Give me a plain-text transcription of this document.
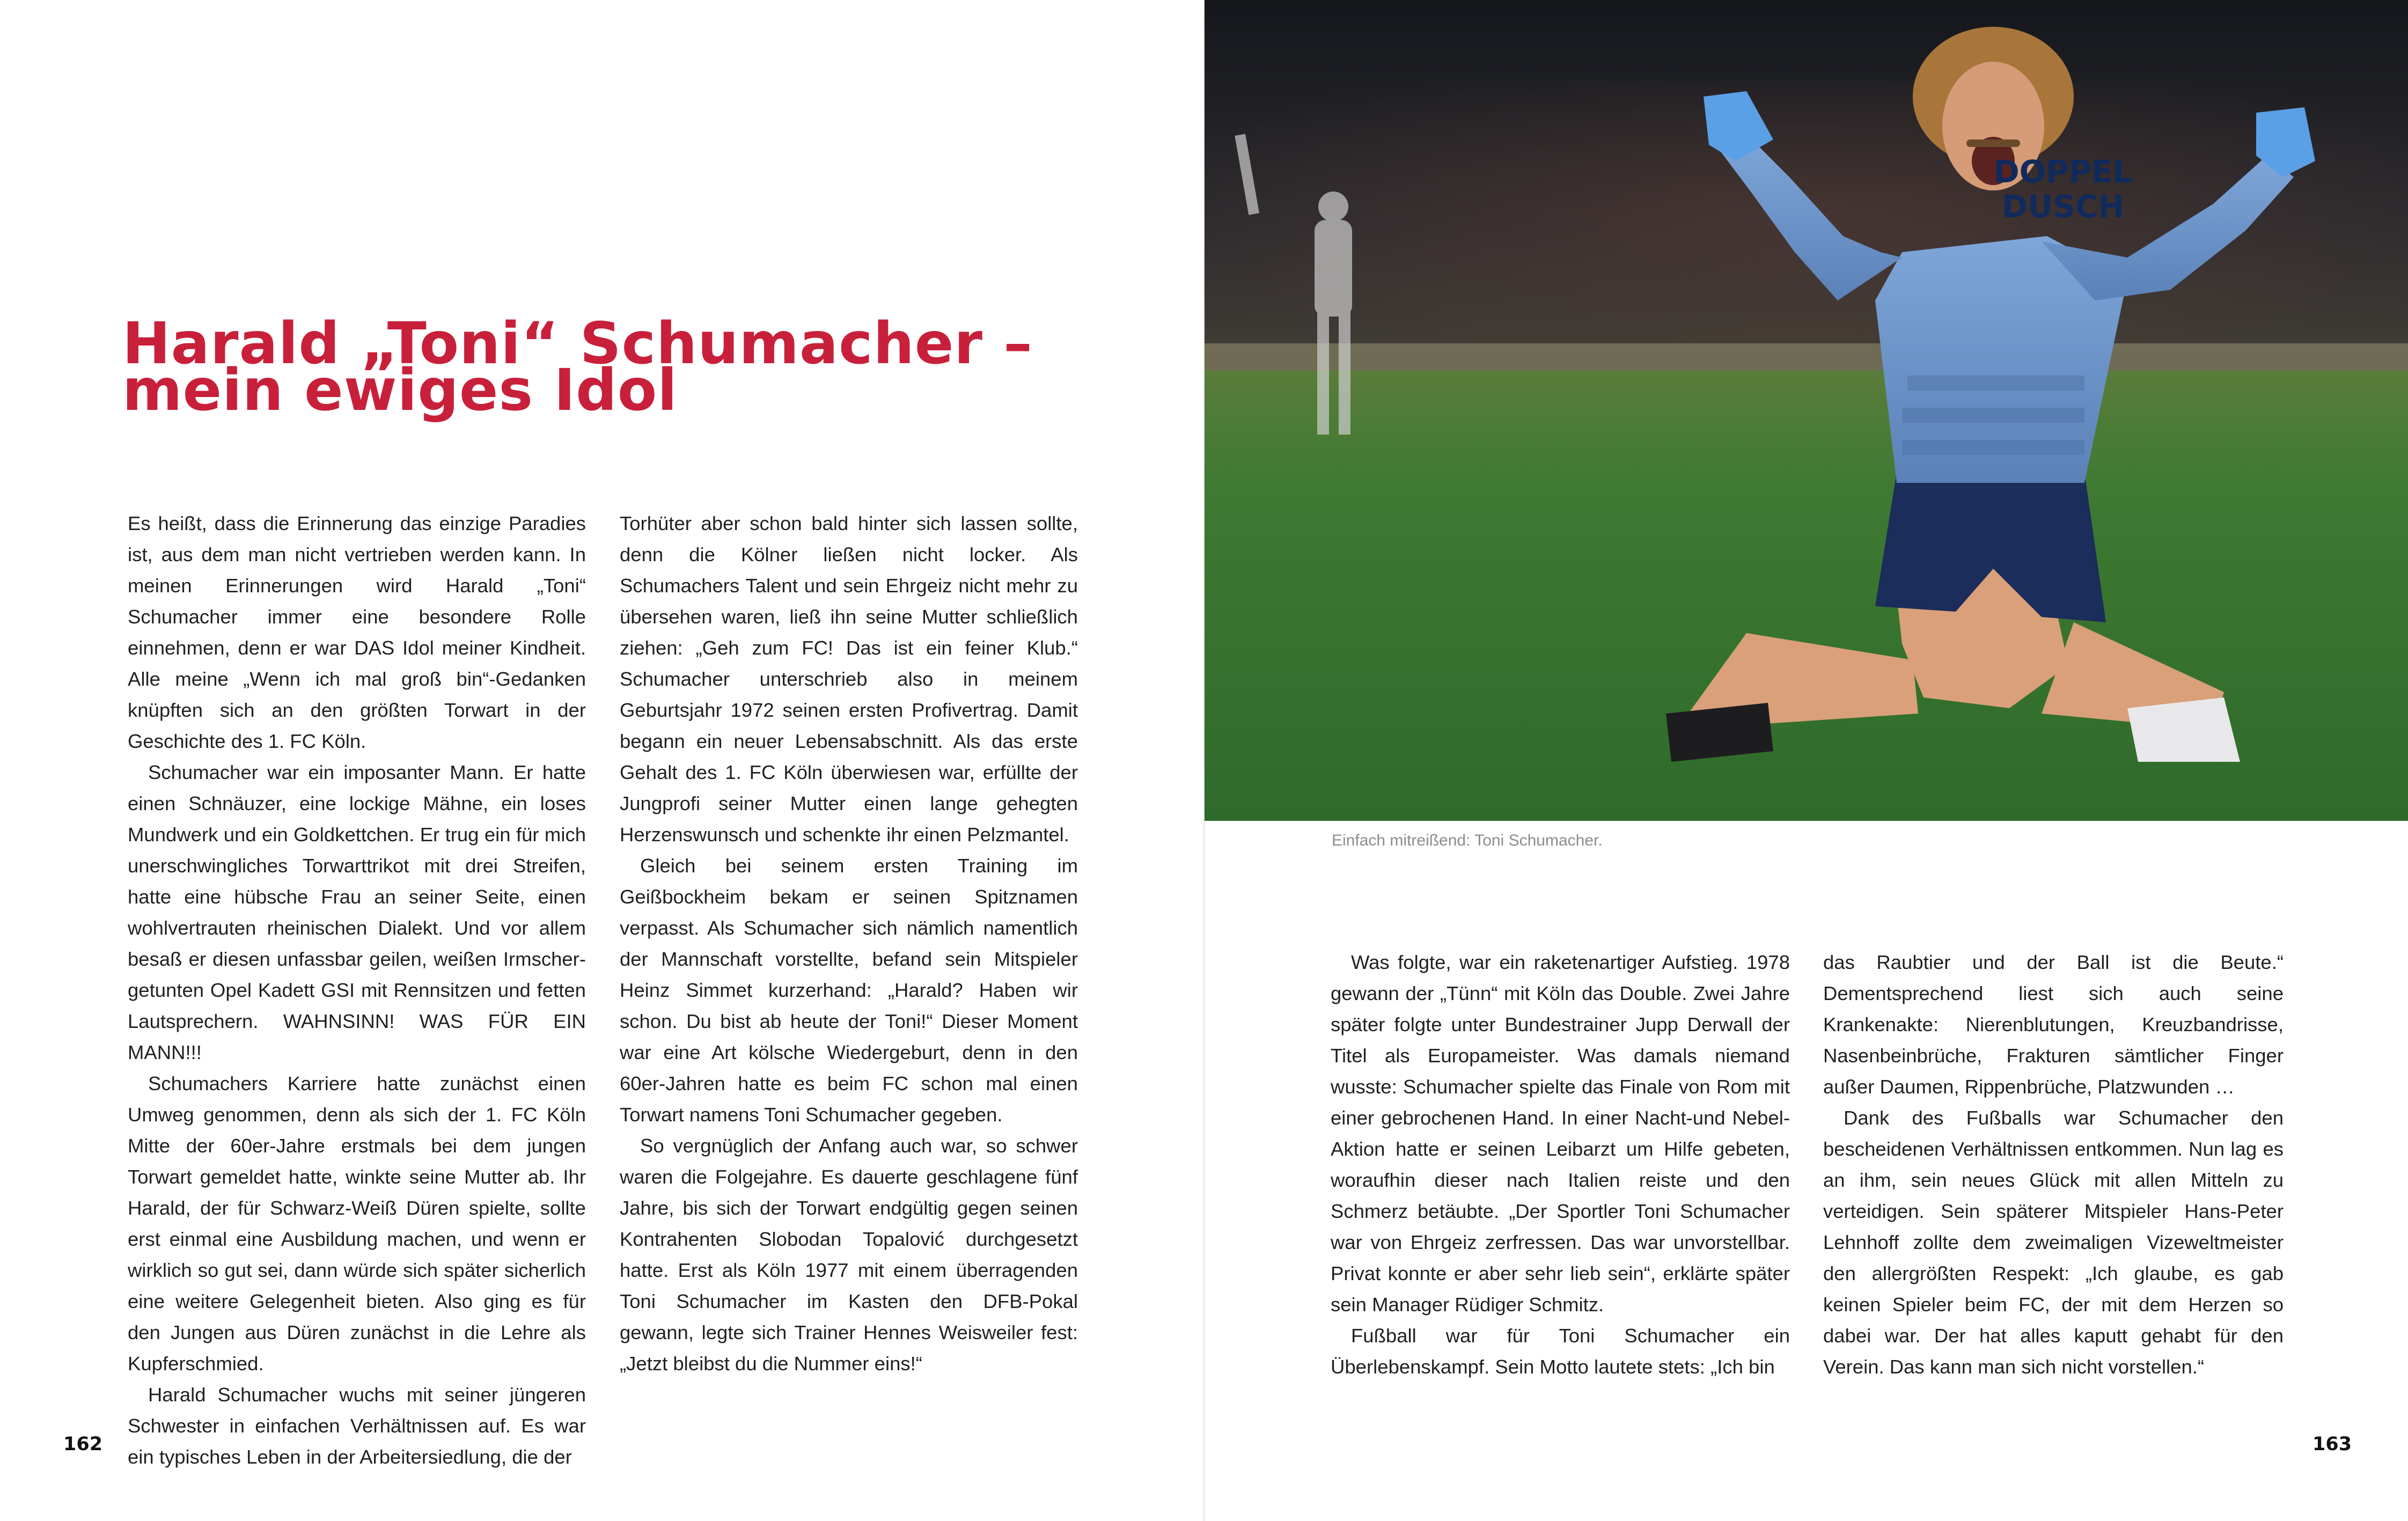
Harald „Toni“ Schumacher –
mein ewiges Idol

Es heißt, dass die Erinnerung das einzige Paradies ist, aus dem man nicht vertrieben werden kann. In meinen Erinnerungen wird Harald „Toni“ Schumacher immer eine besondere Rolle einnehmen, denn er war DAS Idol meiner Kindheit. Alle meine „Wenn ich mal groß bin“-Gedanken knüpften sich an den größten Torwart in der Geschichte des 1. FC Köln.

Schumacher war ein imposanter Mann. Er hatte einen Schnäuzer, eine lockige Mähne, ein loses Mundwerk und ein Goldkettchen. Er trug ein für mich unerschwingliches Torwarttrikot mit drei Streifen, hatte eine hübsche Frau an seiner Seite, einen wohlvertrauten rheinischen Dialekt. Und vor allem besaß er diesen unfassbar geilen, weißen Irmscher-getunten Opel Kadett GSI mit Rennsitzen und fetten Lautsprechern. WAHNSINN! WAS FÜR EIN MANN!!!

Schumachers Karriere hatte zunächst einen Umweg genommen, denn als sich der 1. FC Köln Mitte der 60er-Jahre erstmals bei dem jungen Torwart gemeldet hatte, winkte seine Mutter ab. Ihr Harald, der für Schwarz-Weiß Düren spielte, sollte erst einmal eine Ausbildung machen, und wenn er wirklich so gut sei, dann würde sich später sicherlich eine weitere Gelegenheit bieten. Also ging es für den Jungen aus Düren zunächst in die Lehre als Kupferschmied.

Harald Schumacher wuchs mit seiner jüngeren Schwester in einfachen Verhältnissen auf. Es war ein typisches Leben in der Arbeitersiedlung, die der

Torhüter aber schon bald hinter sich lassen sollte, denn die Kölner ließen nicht locker. Als Schumachers Talent und sein Ehrgeiz nicht mehr zu übersehen waren, ließ ihn seine Mutter schließlich ziehen: „Geh zum FC! Das ist ein feiner Klub.“ Schumacher unterschrieb also in meinem Geburtsjahr 1972 seinen ersten Profivertrag. Damit begann ein neuer Lebensabschnitt. Als das erste Gehalt des 1. FC Köln überwiesen war, erfüllte der Jungprofi seiner Mutter einen lange gehegten Herzenswunsch und schenkte ihr einen Pelzmantel.

Gleich bei seinem ersten Training im Geißbockheim bekam er seinen Spitznamen verpasst. Als Schumacher sich nämlich namentlich der Mannschaft vorstellte, befand sein Mitspieler Heinz Simmet kurzerhand: „Harald? Haben wir schon. Du bist ab heute der Toni!“ Dieser Moment war eine Art kölsche Wiedergeburt, denn in den 60er-Jahren hatte es beim FC schon mal einen Torwart namens Toni Schumacher gegeben.

So vergnüglich der Anfang auch war, so schwer waren die Folgejahre. Es dauerte geschlagene fünf Jahre, bis sich der Torwart endgültig gegen seinen Kontrahenten Slobodan Topalović durchgesetzt hatte. Erst als Köln 1977 mit einem überragenden Toni Schumacher im Kasten den DFB-Pokal gewann, legte sich Trainer Hennes Weisweiler fest: „Jetzt bleibst du die Nummer eins!“

162
DOPPEL
DUSCH
Einfach mitreißend: Toni Schumacher.

Was folgte, war ein raketenartiger Aufstieg. 1978 gewann der „Tünn“ mit Köln das Double. Zwei Jahre später folgte unter Bundestrainer Jupp Derwall der Titel als Europameister. Was damals niemand wusste: Schumacher spielte das Finale von Rom mit einer gebrochenen Hand. In einer Nacht-und Nebel-Aktion hatte er seinen Leibarzt um Hilfe gebeten, woraufhin dieser nach Italien reiste und den Schmerz betäubte. „Der Sportler Toni Schumacher war von Ehrgeiz zerfressen. Das war unvorstellbar. Privat konnte er aber sehr lieb sein“, erklärte später sein Manager Rüdiger Schmitz.

Fußball war für Toni Schumacher ein Überlebenskampf. Sein Motto lautete stets: „Ich bin

das Raubtier und der Ball ist die Beute.“ Dementsprechend liest sich auch seine Krankenakte: Nierenblutungen, Kreuzbandrisse, Nasenbeinbrüche, Frakturen sämtlicher Finger außer Daumen, Rippenbrüche, Platzwunden …

Dank des Fußballs war Schumacher den bescheidenen Verhältnissen entkommen. Nun lag es an ihm, sein neues Glück mit allen Mitteln zu verteidigen. Sein späterer Mitspieler Hans-Peter Lehnhoff zollte dem zweimaligen Vizeweltmeister den allergrößten Respekt: „Ich glaube, es gab keinen Spieler beim FC, der mit dem Herzen so dabei war. Der hat alles kaputt gehabt für den Verein. Das kann man sich nicht vorstellen.“

163
